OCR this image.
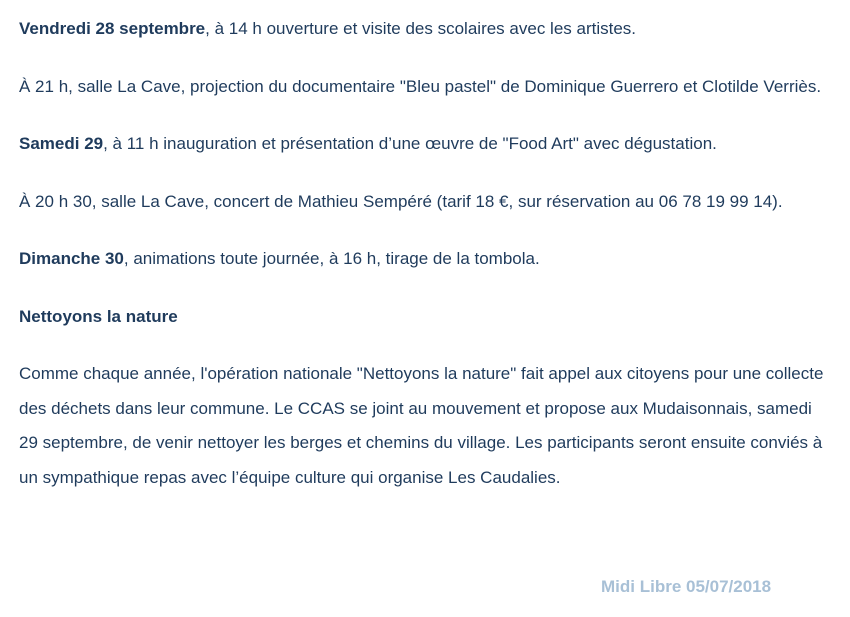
Vendredi 28 septembre, à 14 h ouverture et visite des scolaires avec les artistes.

À 21 h, salle La Cave, projection du documentaire "Bleu pastel" de Dominique Guerrero et Clotilde Verriès.

Samedi 29, à 11 h inauguration et présentation d’une œuvre de "Food Art" avec dégustation.

À 20 h 30, salle La Cave, concert de Mathieu Sempéré (tarif 18 €, sur réservation au 06 78 19 99 14).

Dimanche 30, animations toute journée, à 16 h, tirage de la tombola.

Nettoyons la nature

Comme chaque année, l'opération nationale "Nettoyons la nature" fait appel aux citoyens pour une collecte des déchets dans leur commune. Le CCAS se joint au mouvement et propose aux Mudaisonnais, samedi 29 septembre, de venir nettoyer les berges et chemins du village. Les participants seront ensuite conviés à un sympathique repas avec l’équipe culture qui organise Les Caudalies.

Midi Libre 05/07/2018
